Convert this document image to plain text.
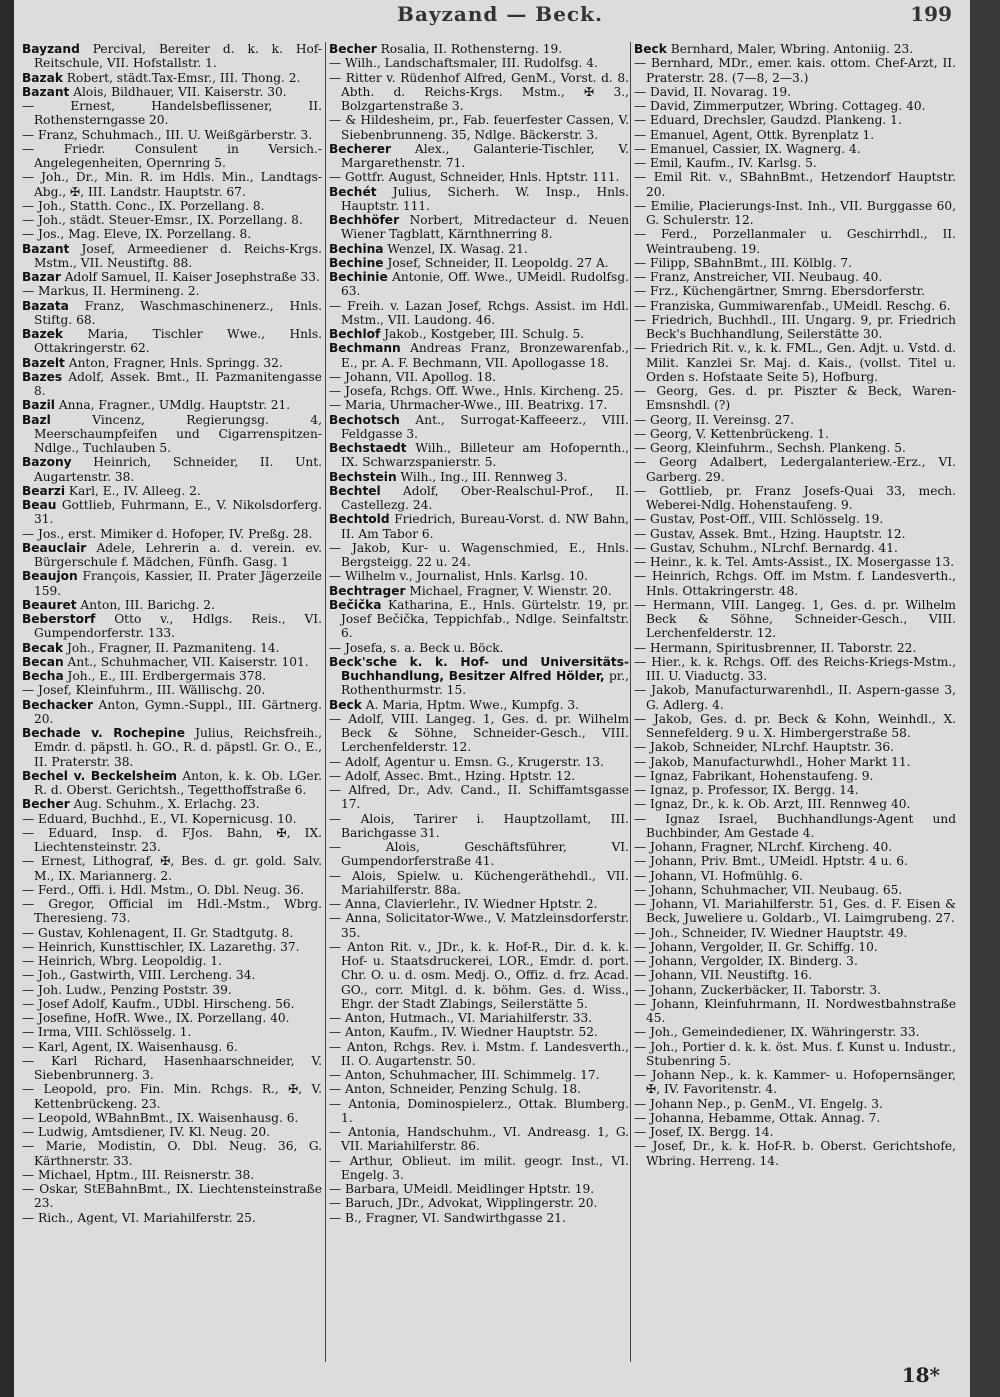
Bayzand — Beck.	199

Bayzand Percival, Bereiter d. k. k. Hof-Reitschule, VII. Hofstallstr. 1.

Bazak Robert, städt.Tax-Emsr., III. Thong. 2.

Bazant Alois, Bildhauer, VII. Kaiserstr. 30.

— Ernest, Handelsbeflissener, II. Rothensterngasse 20.

— Franz, Schuhmach., III. U. Weißgärberstr. 3.

— Friedr. Consulent in Versich.-Angelegenheiten, Opernring 5.

— Joh., Dr., Min. R. im Hdls. Min., Landtags-Abg., ✠, III. Landstr. Hauptstr. 67.

— Joh., Statth. Conc., IX. Porzellang. 8.

— Joh., städt. Steuer-Emsr., IX. Porzellang. 8.

— Jos., Mag. Eleve, IX. Porzellang. 8.

Bazant Josef, Armeediener d. Reichs-Krgs. Mstm., VII. Neustiftg. 88.

Bazar Adolf Samuel, II. Kaiser Josephstraße 33.

— Markus, II. Hermineng. 2.

Bazata Franz, Waschmaschinenerz., Hnls. Stiftg. 68.

Bazek Maria, Tischler Wwe., Hnls. Ottakringerstr. 62.

Bazelt Anton, Fragner, Hnls. Springg. 32.

Bazes Adolf, Assek. Bmt., II. Pazmanitengasse 8.

Bazil Anna, Fragner., UMdlg. Hauptstr. 21.

Bazl Vincenz, Regierungsg. 4, Meerschaumpfeifen und Cigarrenspitzen-Ndlge., Tuchlauben 5.

Bazony Heinrich, Schneider, II. Unt. Augartenstr. 38.

Bearzi Karl, E., IV. Alleeg. 2.

Beau Gottlieb, Fuhrmann, E., V. Nikolsdorferg. 31.

— Jos., erst. Mimiker d. Hofoper, IV. Preßg. 28.

Beauclair Adele, Lehrerin a. d. verein. ev. Bürgerschule f. Mädchen, Fünfh. Gasg. 1

Beaujon François, Kassier, II. Prater Jägerzeile 159.

Beauret Anton, III. Barichg. 2.

Beberstorf Otto v., Hdlgs. Reis., VI. Gumpendorferstr. 133.

Becak Joh., Fragner, II. Pazmaniteng. 14.

Becan Ant., Schuhmacher, VII. Kaiserstr. 101.

Becha Joh., E., III. Erdbergermais 378.

— Josef, Kleinfuhrm., III. Wällischg. 20.

Bechacker Anton, Gymn.-Suppl., III. Gärtnerg. 20.

Bechade v. Rochepine Julius, Reichsfreih., Emdr. d. päpstl. h. GO., R. d. päpstl. Gr. O., E., II. Praterstr. 38.

Bechel v. Beckelsheim Anton, k. k. Ob. LGer. R. d. Oberst. Gerichtsh., Tegetthoffstraße 6.

Becher Aug. Schuhm., X. Erlachg. 23.

— Eduard, Buchhd., E., VI. Kopernicusg. 10.

— Eduard, Insp. d. FJos. Bahn, ✠, IX. Liechtensteinstr. 23.

— Ernest, Lithograf, ✠, Bes. d. gr. gold. Salv. M., IX. Mariannerg. 2.

— Ferd., Offi. i. Hdl. Mstm., O. Dbl. Neug. 36.

— Gregor, Official im Hdl.-Mstm., Wbrg. Theresieng. 73.

— Gustav, Kohlenagent, II. Gr. Stadtgutg. 8.

— Heinrich, Kunsttischler, IX. Lazarethg. 37.

— Heinrich, Wbrg. Leopoldig. 1.

— Joh., Gastwirth, VIII. Lercheng. 34.

— Joh. Ludw., Penzing Poststr. 39.

— Josef Adolf, Kaufm., UDbl. Hirscheng. 56.

— Josefine, HofR. Wwe., IX. Porzellang. 40.

— Irma, VIII. Schlösselg. 1.

— Karl, Agent, IX. Waisenhausg. 6.

— Karl Richard, Hasenhaarschneider, V. Siebenbrunnerg. 3.

— Leopold, pro. Fin. Min. Rchgs. R., ✠, V. Kettenbrückeng. 23.

— Leopold, WBahnBmt., IX. Waisenhausg. 6.

— Ludwig, Amtsdiener, IV. Kl. Neug. 20.

— Marie, Modistin, O. Dbl. Neug. 36, G. Kärthnerstr. 33.

— Michael, Hptm., III. Reisnerstr. 38.

— Oskar, StEBahnBmt., IX. Liechtensteinstraße 23.

— Rich., Agent, VI. Mariahilferstr. 25.

Becher Rosalia, II. Rothensterng. 19.

— Wilh., Landschaftsmaler, III. Rudolfsg. 4.

— Ritter v. Rüdenhof Alfred, GenM., Vorst. d. 8. Abth. d. Reichs-Krgs. Mstm., ✠ 3., Bolzgartenstraße 3.

— & Hildesheim, pr., Fab. feuerfester Cassen, V. Siebenbrunneng. 35, Ndlge. Bäckerstr. 3.

Becherer Alex., Galanterie-Tischler, V. Margarethenstr. 71.

— Gottfr. August, Schneider, Hnls. Hptstr. 111.

Bechét Julius, Sicherh. W. Insp., Hnls. Hauptstr. 111.

Bechhöfer Norbert, Mitredacteur d. Neuen Wiener Tagblatt, Kärnthnerring 8.

Bechina Wenzel, IX. Wasag. 21.

Bechine Josef, Schneider, II. Leopoldg. 27 A.

Bechinie Antonie, Off. Wwe., UMeidl. Rudolfsg. 63.

— Freih. v. Lazan Josef, Rchgs. Assist. im Hdl. Mstm., VII. Laudong. 46.

Bechlof Jakob., Kostgeber, III. Schulg. 5.

Bechmann Andreas Franz, Bronzewarenfab., E., pr. A. F. Bechmann, VII. Apollogasse 18.

— Johann, VII. Apollog. 18.

— Josefa, Rchgs. Off. Wwe., Hnls. Kircheng. 25.

— Maria, Uhrmacher-Wwe., III. Beatrixg. 17.

Bechotsch Ant., Surrogat-Kaffeeerz., VIII. Feldgasse 3.

Bechstaedt Wilh., Billeteur am Hofopernth., IX. Schwarzspanierstr. 5.

Bechstein Wilh., Ing., III. Rennweg 3.

Bechtel Adolf, Ober-Realschul-Prof., II. Castellezg. 24.

Bechtold Friedrich, Bureau-Vorst. d. NW Bahn, II. Am Tabor 6.

— Jakob, Kur- u. Wagenschmied, E., Hnls. Bergsteigg. 22 u. 24.

— Wilhelm v., Journalist, Hnls. Karlsg. 10.

Bechtrager Michael, Fragner, V. Wienstr. 20.

Bečička Katharina, E., Hnls. Gürtelstr. 19, pr. Josef Bečička, Teppichfab., Ndlge. Seinfaltstr. 6.

— Josefa, s. a. Beck u. Böck.

Beck'sche k. k. Hof- und Universitäts-Buchhandlung, Besitzer Alfred Hölder, pr., Rothenthurmstr. 15.

Beck A. Maria, Hptm. Wwe., Kumpfg. 3.

— Adolf, VIII. Langeg. 1, Ges. d. pr. Wilhelm Beck & Söhne, Schneider-Gesch., VIII. Lerchenfelderstr. 12.

— Adolf, Agentur u. Emsn. G., Krugerstr. 13.

— Adolf, Assec. Bmt., Hzing. Hptstr. 12.

— Alfred, Dr., Adv. Cand., II. Schiffamtsgasse 17.

— Alois, Tarirer i. Hauptzollamt, III. Barichgasse 31.

— Alois, Geschäftsführer, VI. Gumpendorferstraße 41.

— Alois, Spielw. u. Küchengeräthehdl., VII. Mariahilferstr. 88a.

— Anna, Clavierlehr., IV. Wiedner Hptstr. 2.

— Anna, Solicitator-Wwe., V. Matzleinsdorferstr. 35.

— Anton Rit. v., JDr., k. k. Hof-R., Dir. d. k. k. Hof- u. Staatsdruckerei, LOR., Emdr. d. port. Chr. O. u. d. osm. Medj. O., Offiz. d. frz. Acad. GO., corr. Mitgl. d. k. böhm. Ges. d. Wiss., Ehgr. der Stadt Zlabings, Seilerstätte 5.

— Anton, Hutmach., VI. Mariahilferstr. 33.

— Anton, Kaufm., IV. Wiedner Hauptstr. 52.

— Anton, Rchgs. Rev. i. Mstm. f. Landesverth., II. O. Augartenstr. 50.

— Anton, Schuhmacher, III. Schimmelg. 17.

— Anton, Schneider, Penzing Schulg. 18.

— Antonia, Dominospielerz., Ottak. Blumberg. 1.

— Antonia, Handschuhm., VI. Andreasg. 1, G. VII. Mariahilferstr. 86.

— Arthur, Oblieut. im milit. geogr. Inst., VI. Engelg. 3.

— Barbara, UMeidl. Meidlinger Hptstr. 19.

— Baruch, JDr., Advokat, Wipplingerstr. 20.

— B., Fragner, VI. Sandwirthgasse 21.

Beck Bernhard, Maler, Wbring. Antoniig. 23.

— Bernhard, MDr., emer. kais. ottom. Chef-Arzt, II. Praterstr. 28. (7—8, 2—3.)

— David, II. Novarag. 19.

— David, Zimmerputzer, Wbring. Cottageg. 40.

— Eduard, Drechsler, Gaudzd. Plankeng. 1.

— Emanuel, Agent, Ottk. Byrenplatz 1.

— Emanuel, Cassier, IX. Wagnerg. 4.

— Emil, Kaufm., IV. Karlsg. 5.

— Emil Rit. v., SBahnBmt., Hetzendorf Hauptstr. 20.

— Emilie, Placierungs-Inst. Inh., VII. Burggasse 60, G. Schulerstr. 12.

— Ferd., Porzellanmaler u. Geschirrhdl., II. Weintraubeng. 19.

— Filipp, SBahnBmt., III. Kölblg. 7.

— Franz, Anstreicher, VII. Neubaug. 40.

— Frz., Küchengärtner, Smrng. Ebersdorferstr.

— Franziska, Gummiwarenfab., UMeidl. Reschg. 6.

— Friedrich, Buchhdl., III. Ungarg. 9, pr. Friedrich Beck's Buchhandlung, Seilerstätte 30.

— Friedrich Rit. v., k. k. FML., Gen. Adjt. u. Vstd. d. Milit. Kanzlei Sr. Maj. d. Kais., (vollst. Titel u. Orden s. Hofstaate Seite 5), Hofburg.

— Georg, Ges. d. pr. Piszter & Beck, Waren-Emsnshdl. (?)

— Georg, II. Vereinsg. 27.

— Georg, V. Kettenbrückeng. 1.

— Georg, Kleinfuhrm., Sechsh. Plankeng. 5.

— Georg Adalbert, Ledergalanteriew.-Erz., VI. Garberg. 29.

— Gottlieb, pr. Franz Josefs-Quai 33, mech. Weberei-Ndlg. Hohenstaufeng. 9.

— Gustav, Post-Off., VIII. Schlösselg. 19.

— Gustav, Assek. Bmt., Hzing. Hauptstr. 12.

— Gustav, Schuhm., NLrchf. Bernardg. 41.

— Heinr., k. k. Tel. Amts-Assist., IX. Mosergasse 13.

— Heinrich, Rchgs. Off. im Mstm. f. Landesverth., Hnls. Ottakringerstr. 48.

— Hermann, VIII. Langeg. 1, Ges. d. pr. Wilhelm Beck & Söhne, Schneider-Gesch., VIII. Lerchenfelderstr. 12.

— Hermann, Spiritusbrenner, II. Taborstr. 22.

— Hier., k. k. Rchgs. Off. des Reichs-Kriegs-Mstm., III. U. Viaductg. 33.

— Jakob, Manufacturwarenhdl., II. Aspern-gasse 3, G. Adlerg. 4.

— Jakob, Ges. d. pr. Beck & Kohn, Weinhdl., X. Sennefelderg. 9 u. X. Himbergerstraße 58.

— Jakob, Schneider, NLrchf. Hauptstr. 36.

— Jakob, Manufacturwhdl., Hoher Markt 11.

— Ignaz, Fabrikant, Hohenstaufeng. 9.

— Ignaz, p. Professor, IX. Bergg. 14.

— Ignaz, Dr., k. k. Ob. Arzt, III. Rennweg 40.

— Ignaz Israel, Buchhandlungs-Agent und Buchbinder, Am Gestade 4.

— Johann, Fragner, NLrchf. Kircheng. 40.

— Johann, Priv. Bmt., UMeidl. Hptstr. 4 u. 6.

— Johann, VI. Hofmühlg. 6.

— Johann, Schuhmacher, VII. Neubaug. 65.

— Johann, VI. Mariahilferstr. 51, Ges. d. F. Eisen & Beck, Juweliere u. Goldarb., VI. Laimgrubeng. 27.

— Joh., Schneider, IV. Wiedner Hauptstr. 49.

— Johann, Vergolder, II. Gr. Schiffg. 10.

— Johann, Vergolder, IX. Binderg. 3.

— Johann, VII. Neustiftg. 16.

— Johann, Zuckerbäcker, II. Taborstr. 3.

— Johann, Kleinfuhrmann, II. Nordwestbahnstraße 45.

— Joh., Gemeindediener, IX. Währingerstr. 33.

— Joh., Portier d. k. k. öst. Mus. f. Kunst u. Industr., Stubenring 5.

— Johann Nep., k. k. Kammer- u. Hofopernsänger, ✠, IV. Favoritenstr. 4.

— Johann Nep., p. GenM., VI. Engelg. 3.

— Johanna, Hebamme, Ottak. Annag. 7.

— Josef, IX. Bergg. 14.

— Josef, Dr., k. k. Hof-R. b. Oberst. Gerichtshofe, Wbring. Herreng. 14.

18*
